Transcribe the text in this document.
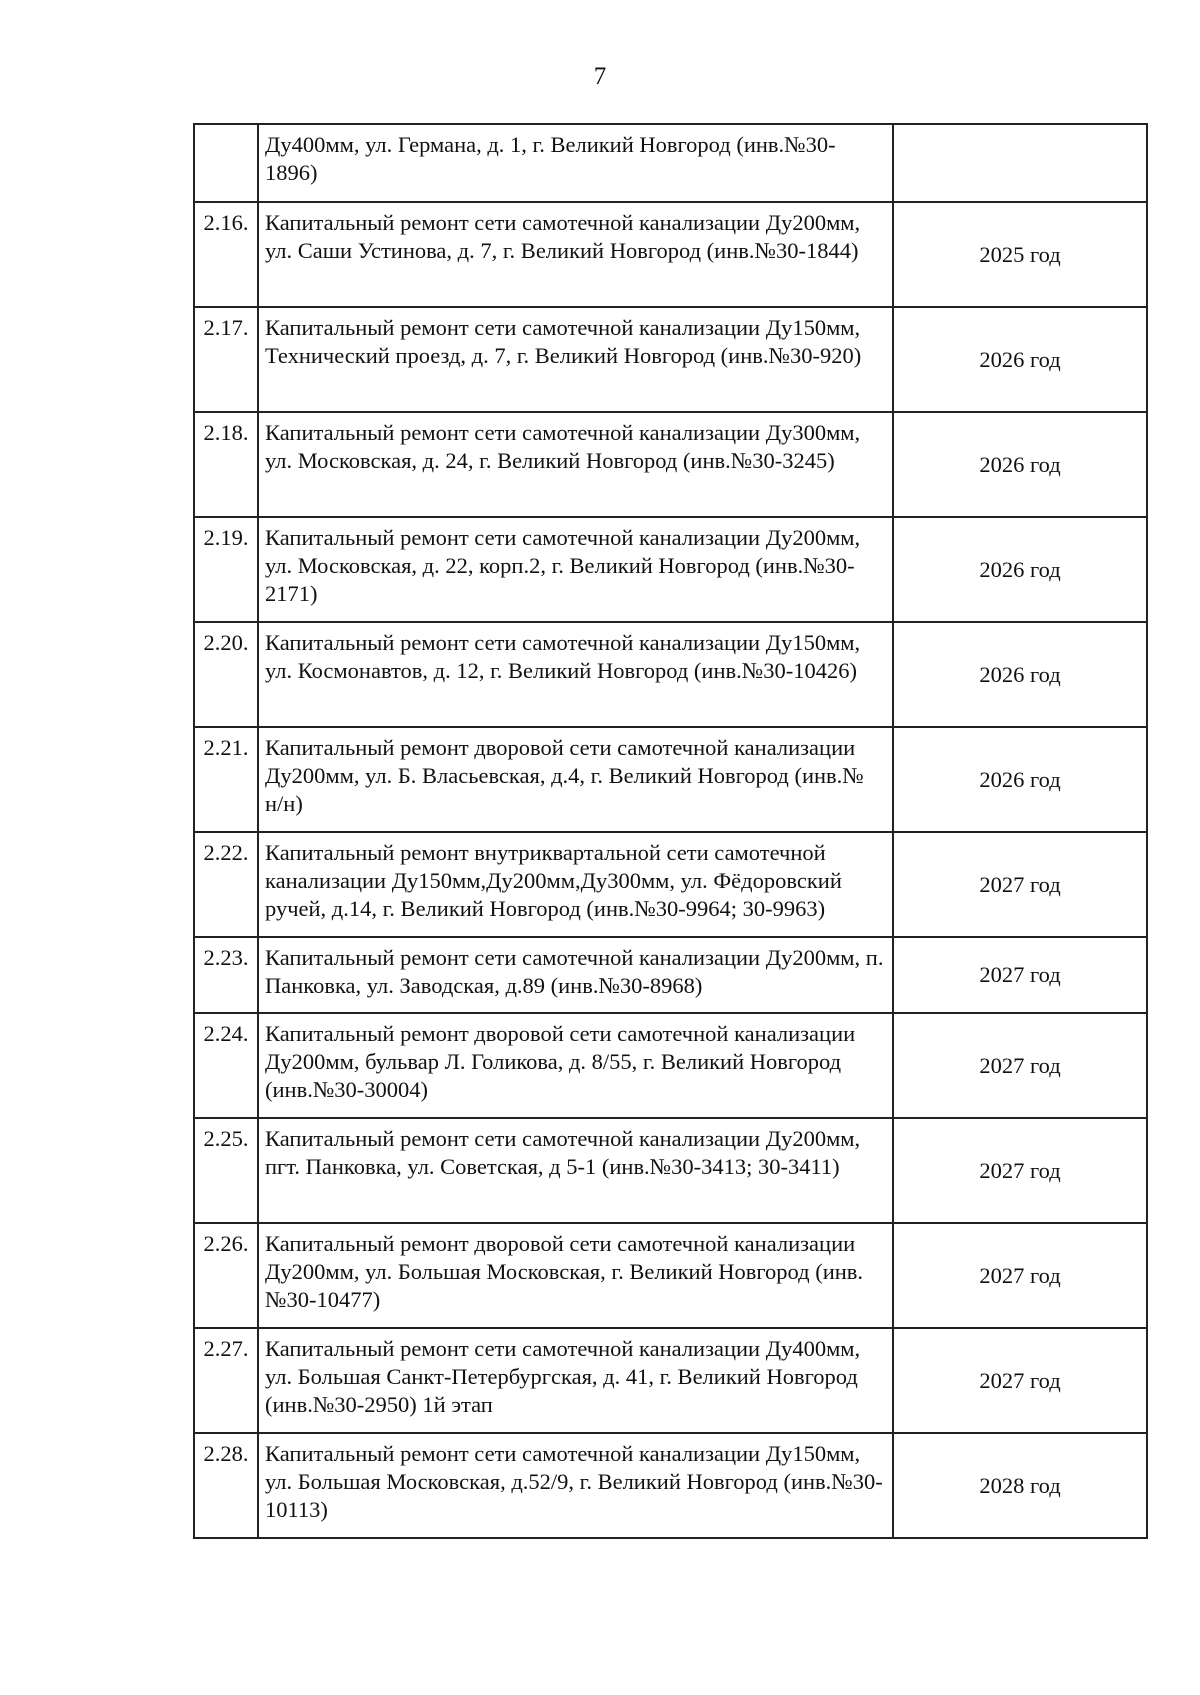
7
	Ду400мм, ул. Германа, д. 1, г. Великий Новгород (инв.№30-1896)	
2.16.	Капитальный ремонт сети самотечной канализации Ду200мм, ул. Саши Устинова, д. 7, г. Великий Новгород (инв.№30-1844)	2025 год
2.17.	Капитальный ремонт сети самотечной канализации Ду150мм, Технический проезд, д. 7, г. Великий Новгород (инв.№30-920)	2026 год
2.18.	Капитальный ремонт сети самотечной канализации Ду300мм, ул. Московская, д. 24, г. Великий Новгород (инв.№30-3245)	2026 год
2.19.	Капитальный ремонт сети самотечной канализации Ду200мм, ул. Московская, д. 22, корп.2, г. Великий Новгород (инв.№30-2171)	2026 год
2.20.	Капитальный ремонт сети самотечной канализации Ду150мм, ул. Космонавтов, д. 12, г. Великий Новгород (инв.№30-10426)	2026 год
2.21.	Капитальный ремонт дворовой сети самотечной канализации Ду200мм, ул. Б. Власьевская, д.4, г. Великий Новгород (инв.№ н/н)	2026 год
2.22.	Капитальный ремонт внутриквартальной сети самотечной канализации Ду150мм,Ду200мм,Ду300мм, ул. Фёдоровский ручей, д.14, г. Великий Новгород (инв.№30-9964; 30-9963)	2027 год
2.23.	Капитальный ремонт сети самотечной канализации Ду200мм, п. Панковка, ул. Заводская, д.89 (инв.№30-8968)	2027 год
2.24.	Капитальный ремонт дворовой сети самотечной канализации Ду200мм, бульвар Л. Голикова, д. 8/55, г. Великий Новгород (инв.№30-30004)	2027 год
2.25.	Капитальный ремонт сети самотечной канализации Ду200мм, пгт. Панковка, ул. Советская, д 5-1 (инв.№30-3413; 30-3411)	2027 год
2.26.	Капитальный ремонт дворовой сети самотечной канализации Ду200мм, ул. Большая Московская, г. Великий Новгород (инв.№30-10477)	2027 год
2.27.	Капитальный ремонт сети самотечной канализации Ду400мм, ул. Большая Санкт-Петербургская, д. 41, г. Великий Новгород (инв.№30-2950) 1й этап	2027 год
2.28.	Капитальный ремонт сети самотечной канализации Ду150мм, ул. Большая Московская, д.52/9, г. Великий Новгород (инв.№30-10113)	2028 год
